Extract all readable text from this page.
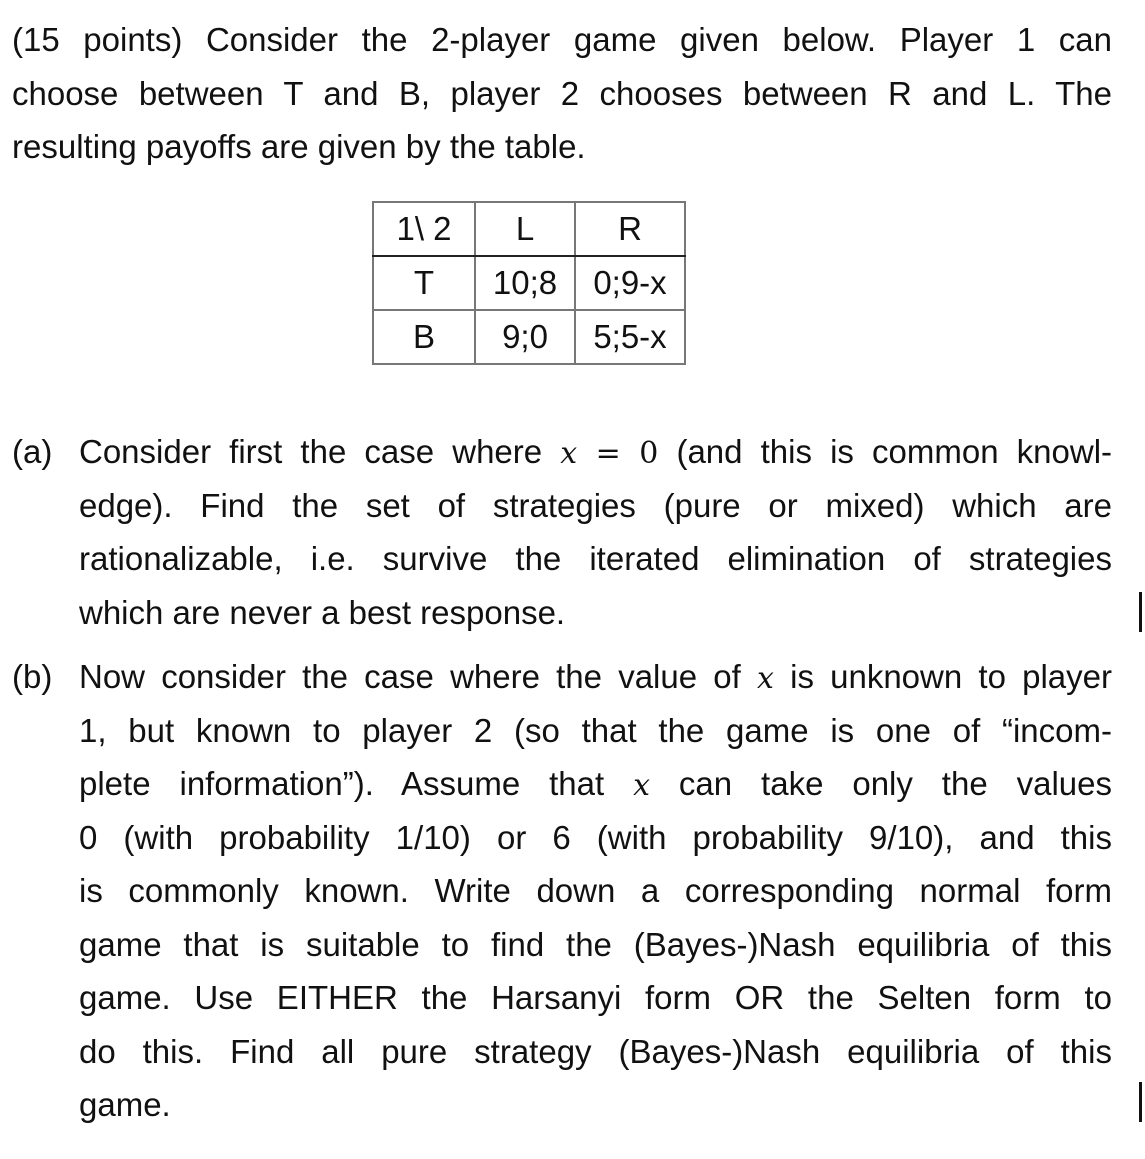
(15 points) Consider the 2-player game given below. Player 1 can
choose between T and B, player 2 chooses between R and L. The
resulting payoffs are given by the table.
1\ 2	L	R
T	10;8	0;9-x
B	9;0	5;5-x
(a) Consider first the case where x = 0 (and this is common knowl-
edge). Find the set of strategies (pure or mixed) which are
rationalizable, i.e. survive the iterated elimination of strategies
which are never a best response.
(b) Now consider the case where the value of x is unknown to player
1, but known to player 2 (so that the game is one of “incom-
plete information”). Assume that x can take only the values
0 (with probability 1/10) or 6 (with probability 9/10), and this
is commonly known. Write down a corresponding normal form
game that is suitable to find the (Bayes-)Nash equilibria of this
game. Use EITHER the Harsanyi form OR the Selten form to
do this. Find all pure strategy (Bayes-)Nash equilibria of this
game.
